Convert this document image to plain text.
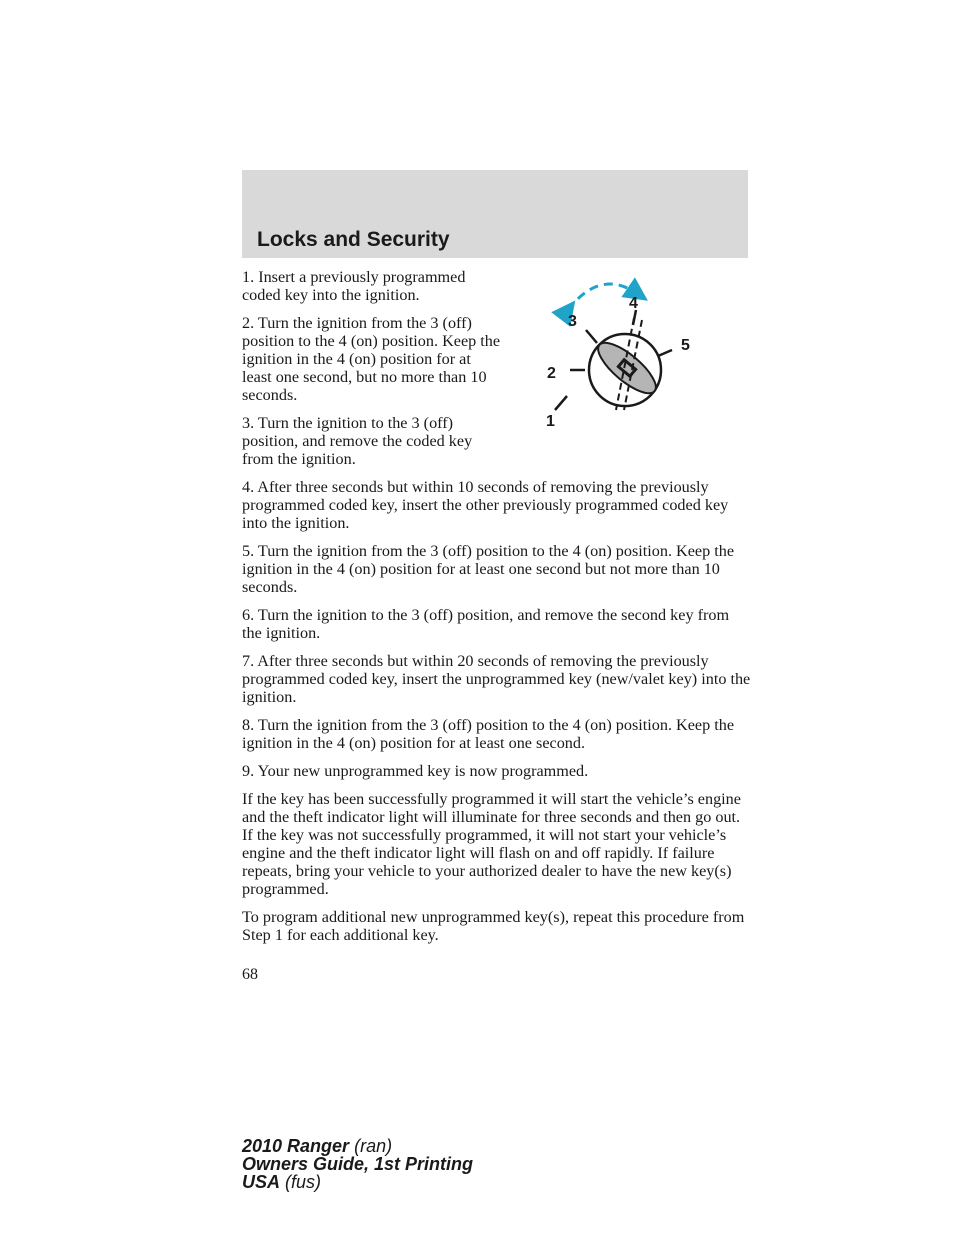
Locks and Security

1. Insert a previously programmed coded key into the ignition.

2. Turn the ignition from the 3 (off) position to the 4 (on) position. Keep the ignition in the 4 (on) position for at least one second, but no more than 10 seconds.

3. Turn the ignition to the 3 (off) position, and remove the coded key from the ignition.

4. After three seconds but within 10 seconds of removing the previously programmed coded key, insert the other previously programmed coded key into the ignition.

5. Turn the ignition from the 3 (off) position to the 4 (on) position. Keep the ignition in the 4 (on) position for at least one second but not more than 10 seconds.

6. Turn the ignition to the 3 (off) position, and remove the second key from the ignition.

7. After three seconds but within 20 seconds of removing the previously programmed coded key, insert the unprogrammed key (new/valet key) into the ignition.

8. Turn the ignition from the 3 (off) position to the 4 (on) position. Keep the ignition in the 4 (on) position for at least one second.

9. Your new unprogrammed key is now programmed.

If the key has been successfully programmed it will start the vehicle’s engine and the theft indicator light will illuminate for three seconds and then go out. If the key was not successfully programmed, it will not start your vehicle’s engine and the theft indicator light will flash on and off rapidly. If failure repeats, bring your vehicle to your authorized dealer to have the new key(s) programmed.

To program additional new unprogrammed key(s), repeat this procedure from Step 1 for each additional key.

1
2
3
4
5
68
2010 Ranger (ran)
Owners Guide, 1st Printing
USA (fus)
